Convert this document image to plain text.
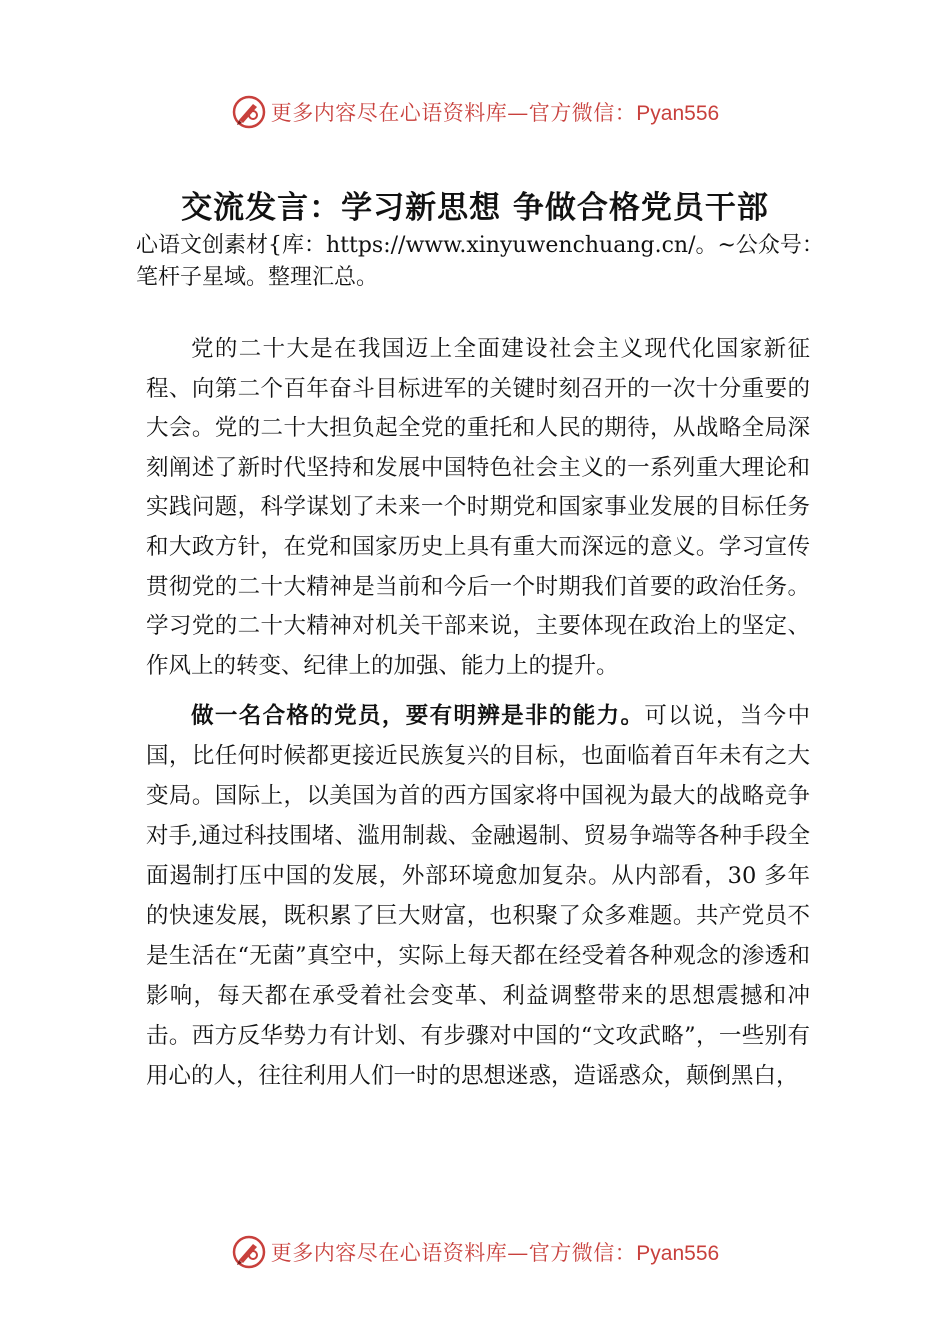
更多内容尽在心语资料库—官方微信：Pyan556
交流发言：学习新思想 争做合格党员干部

心语文创素材{库：https://www.xinyuwenchuang.cn/。~公众号：笔杆子星域。整理汇总。

党的二十大是在我国迈上全面建设社会主义现代化国家新征程、向第二个百年奋斗目标进军的关键时刻召开的一次十分重要的大会。党的二十大担负起全党的重托和人民的期待，从战略全局深刻阐述了新时代坚持和发展中国特色社会主义的一系列重大理论和实践问题，科学谋划了未来一个时期党和国家事业发展的目标任务和大政方针，在党和国家历史上具有重大而深远的意义。学习宣传贯彻党的二十大精神是当前和今后一个时期我们首要的政治任务。学习党的二十大精神对机关干部来说，主要体现在政治上的坚定、作风上的转变、纪律上的加强、能力上的提升。

做一名合格的党员，要有明辨是非的能力。可以说，当今中国，比任何时候都更接近民族复兴的目标，也面临着百年未有之大变局。国际上，以美国为首的西方国家将中国视为最大的战略竞争对手,通过科技围堵、滥用制裁、金融遏制、贸易争端等各种手段全面遏制打压中国的发展，外部环境愈加复杂。从内部看，30 多年的快速发展，既积累了巨大财富，也积聚了众多难题。共产党员不是生活在“无菌”真空中，实际上每天都在经受着各种观念的渗透和影响，每天都在承受着社会变革、利益调整带来的思想震撼和冲击。西方反华势力有计划、有步骤对中国的“文攻武略”，一些别有用心的人，往往利用人们一时的思想迷惑，造谣惑众，颠倒黑白，

更多内容尽在心语资料库—官方微信：Pyan556
